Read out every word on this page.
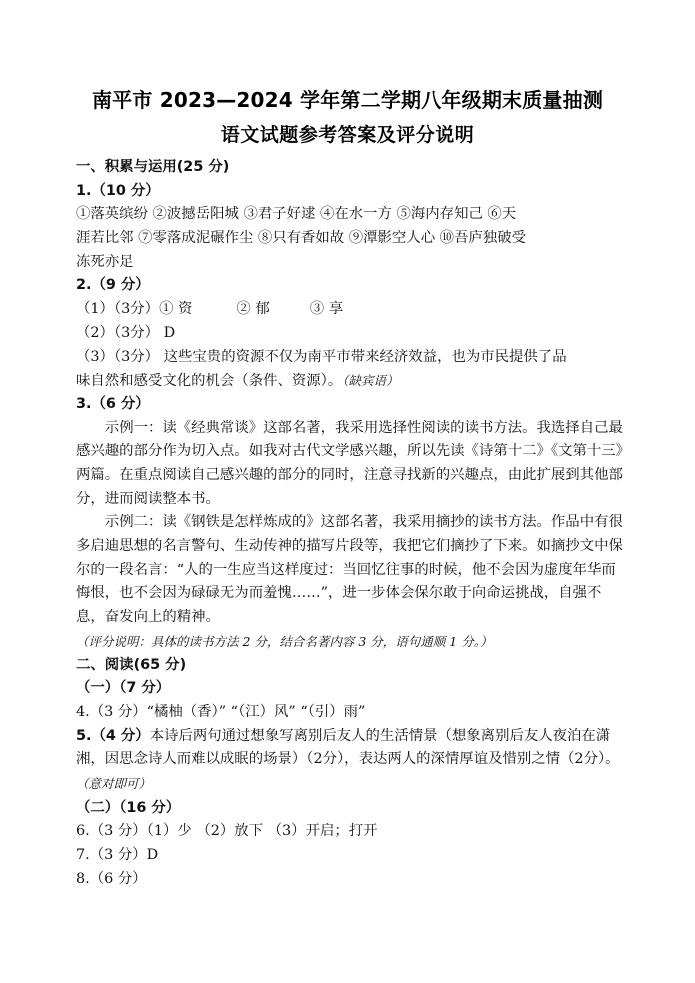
南平市 2023—2024 学年第二学期八年级期末质量抽测
语文试题参考答案及评分说明
一、积累与运用(25 分)
1.（10 分）
①落英缤纷 ②波撼岳阳城 ③君子好逑 ④在水一方 ⑤海内存知己 ⑥天
涯若比邻 ⑦零落成泥碾作尘 ⑧只有香如故 ⑨潭影空人心 ⑩吾庐独破受
冻死亦足
2.（9 分）
（1）（3分）① 资	② 郁	③ 享
（2）（3分） D
（3）（3分） 这些宝贵的资源不仅为南平市带来经济效益，也为市民提供了品
味自然和感受文化的机会（条件、资源）。（缺宾语）
3.（6 分）
示例一：读《经典常谈》这部名著，我采用选择性阅读的读书方法。我选择自己最感兴趣的部分作为切入点。如我对古代文学感兴趣，所以先读《诗第十二》《文第十三》两篇。在重点阅读自己感兴趣的部分的同时，注意寻找新的兴趣点，由此扩展到其他部分，进而阅读整本书。
示例二：读《钢铁是怎样炼成的》这部名著，我采用摘抄的读书方法。作品中有很多启迪思想的名言警句、生动传神的描写片段等，我把它们摘抄了下来。如摘抄文中保尔的一段名言：“人的一生应当这样度过：当回忆往事的时候，他不会因为虚度年华而悔恨，也不会因为碌碌无为而羞愧……”，进一步体会保尔敢于向命运挑战，自强不息，奋发向上的精神。
（评分说明：具体的读书方法 2 分，结合名著内容 3 分，语句通顺 1 分。）
二、阅读(65 分)
（一）（7 分）
4.（3 分）“橘柚（香）” “（江）风” “（引）雨”
5.（4 分）本诗后两句通过想象写离别后友人的生活情景（想象离别后友人夜泊在潇湘，因思念诗人而难以成眠的场景）（2分），表达两人的深情厚谊及惜别之情（2分）。（意对即可）
（二）（16 分）
6.（3 分）（1）少 （2）放下 （3）开启；打开
7.（3 分）D
8.（6 分）
